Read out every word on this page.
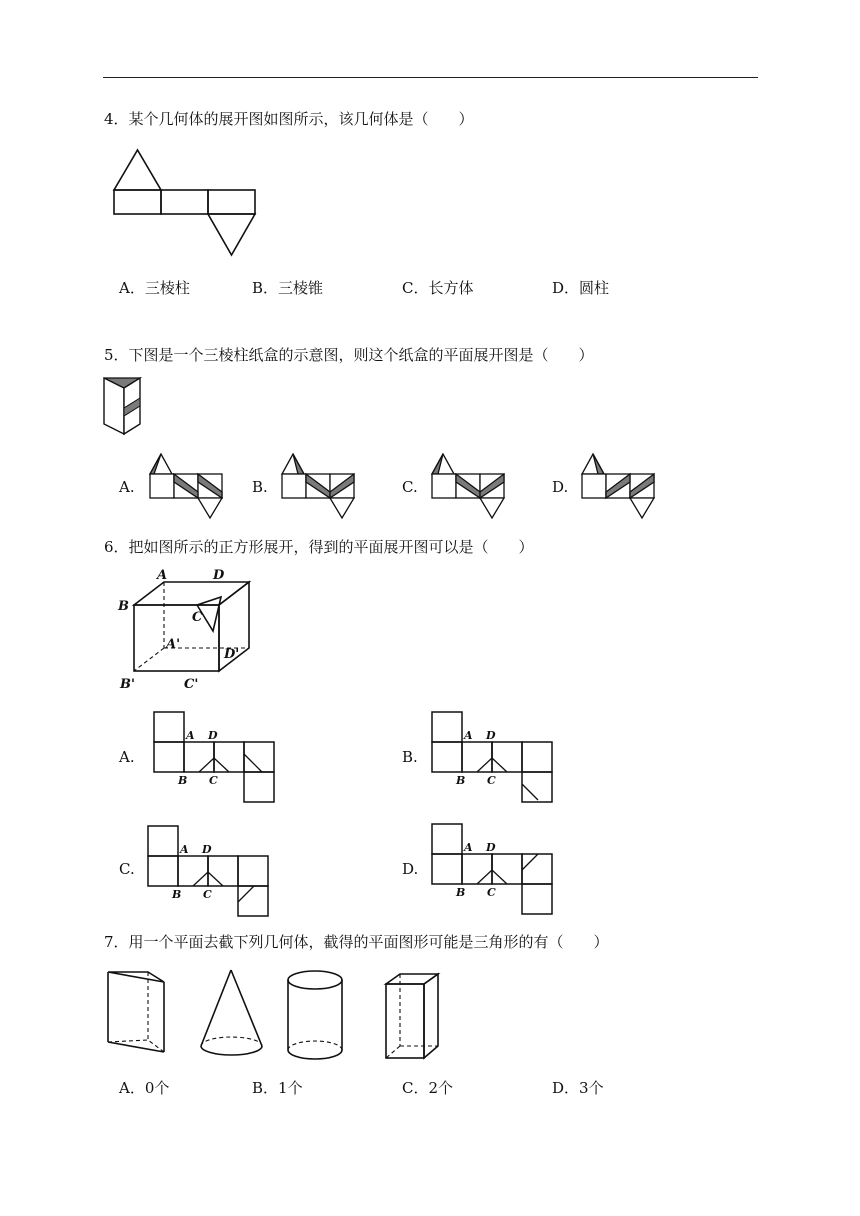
4．某个几何体的展开图如图所示，该几何体是（　　）
A．三棱柱	B．三棱锥	C．长方体	D．圆柱
5．下图是一个三棱柱纸盒的示意图，则这个纸盒的平面展开图是（　　）
A.	B.	C.	D.
6．把如图所示的正方形展开，得到的平面展开图可以是（　　）
A	D
B
C
A'
D'
B'	C'
A.
A D
B C
B.
A D
B C
C.
A D
B C
D.
A D
B C
7．用一个平面去截下列几何体，截得的平面图形可能是三角形的有（　　）
A．0个	B．1个	C．2个	D．3个
